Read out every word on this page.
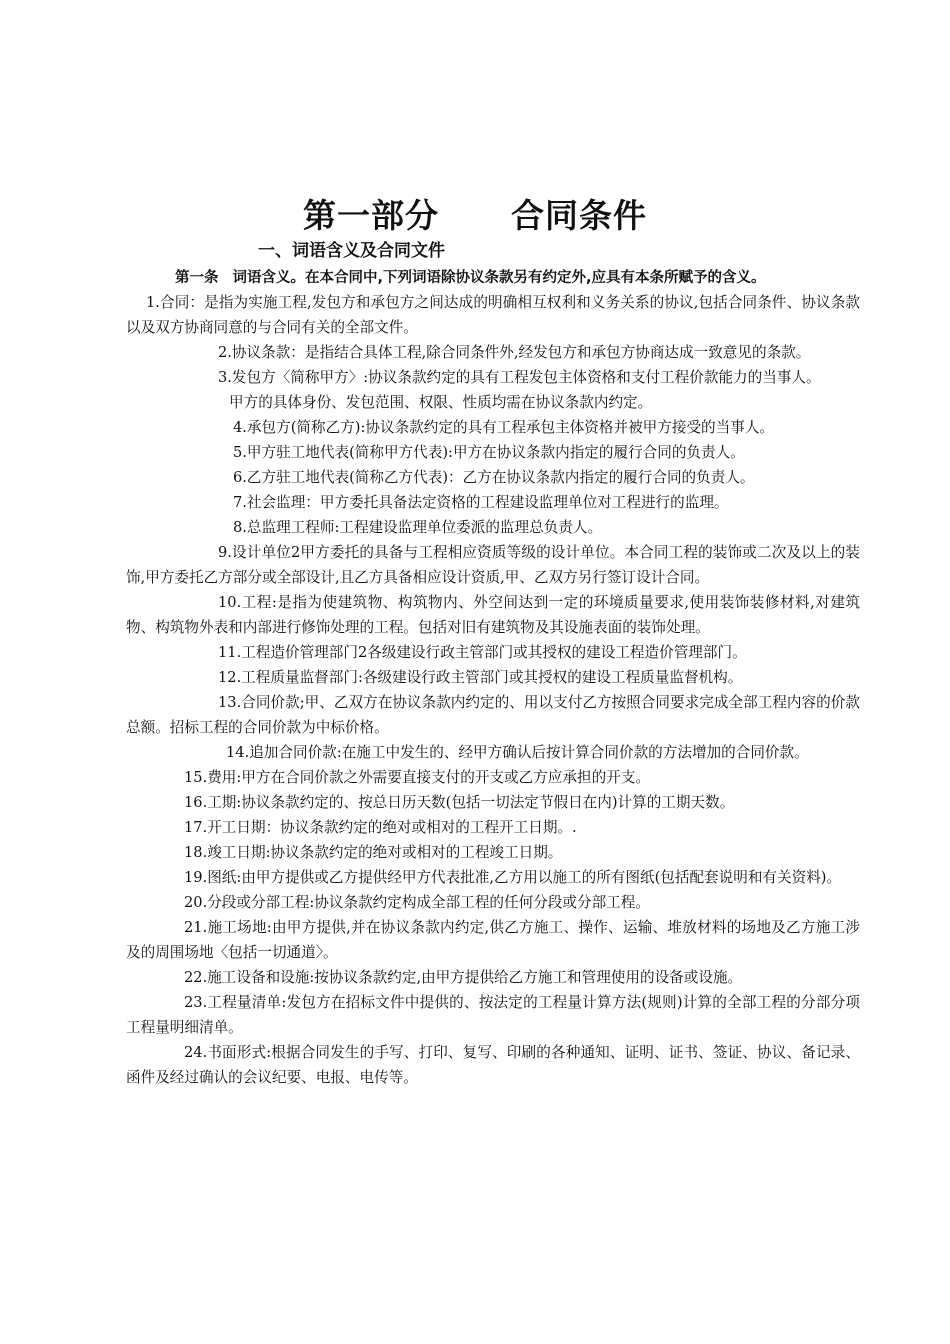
第一部分 合同条件
一、词语含义及合同文件
第一条 词语含义。在本合同中,下列词语除协议条款另有约定外,应具有本条所赋予的含义。

1.合同：是指为实施工程,发包方和承包方之间达成的明确相互权利和义务关系的协议,包括合同条件、协议条款以及双方协商同意的与合同有关的全部文件。

2.协议条款：是指结合具体工程,除合同条件外,经发包方和承包方协商达成一致意见的条款。

3.发包方〈简称甲方〉:协议条款约定的具有工程发包主体资格和支付工程价款能力的当事人。

甲方的具体身份、发包范围、权限、性质均需在协议条款内约定。

4.承包方(简称乙方):协议条款约定的具有工程承包主体资格并被甲方接受的当事人。

5.甲方驻工地代表(简称甲方代表):甲方在协议条款内指定的履行合同的负责人。

6.乙方驻工地代表(简称乙方代表)：乙方在协议条款内指定的履行合同的负责人。

7.社会监理：甲方委托具备法定资格的工程建设监理单位对工程进行的监理。

8.总监理工程师:工程建设监理单位委派的监理总负责人。

9.设计单位2甲方委托的具备与工程相应资质等级的设计单位。本合同工程的装饰或二次及以上的装饰,甲方委托乙方部分或全部设计,且乙方具备相应设计资质,甲、乙双方另行签订设计合同。

10.工程:是指为使建筑物、构筑物内、外空间达到一定的环境质量要求,使用装饰装修材料,对建筑物、构筑物外表和内部进行修饰处理的工程。包括对旧有建筑物及其设施表面的装饰处理。

11.工程造价管理部门2各级建设行政主管部门或其授权的建设工程造价管理部门。

12.工程质量监督部门:各级建设行政主管部门或其授权的建设工程质量监督机构。

13.合同价款;甲、乙双方在协议条款内约定的、用以支付乙方按照合同要求完成全部工程内容的价款总额。招标工程的合同价款为中标价格。

14.追加合同价款:在施工中发生的、经甲方确认后按计算合同价款的方法增加的合同价款。

15.费用:甲方在合同价款之外需要直接支付的开支或乙方应承担的开支。

16.工期:协议条款约定的、按总日历天数(包括一切法定节假日在内)计算的工期天数。

17.开工日期：协议条款约定的绝对或相对的工程开工日期。.

18.竣工日期:协议条款约定的绝对或相对的工程竣工日期。

19.图纸:由甲方提供或乙方提供经甲方代表批准,乙方用以施工的所有图纸(包括配套说明和有关资料)。

20.分段或分部工程:协议条款约定构成全部工程的任何分段或分部工程。

21.施工场地:由甲方提供,并在协议条款内约定,供乙方施工、操作、运输、堆放材料的场地及乙方施工涉及的周围场地〈包括一切通道〉。

22.施工设备和设施:按协议条款约定,由甲方提供给乙方施工和管理使用的设备或设施。

23.工程量清单:发包方在招标文件中提供的、按法定的工程量计算方法(规则)计算的全部工程的分部分项工程量明细清单。

24.书面形式:根据合同发生的手写、打印、复写、印刷的各种通知、证明、证书、签证、协议、备记录、函件及经过确认的会议纪要、电报、电传等。
